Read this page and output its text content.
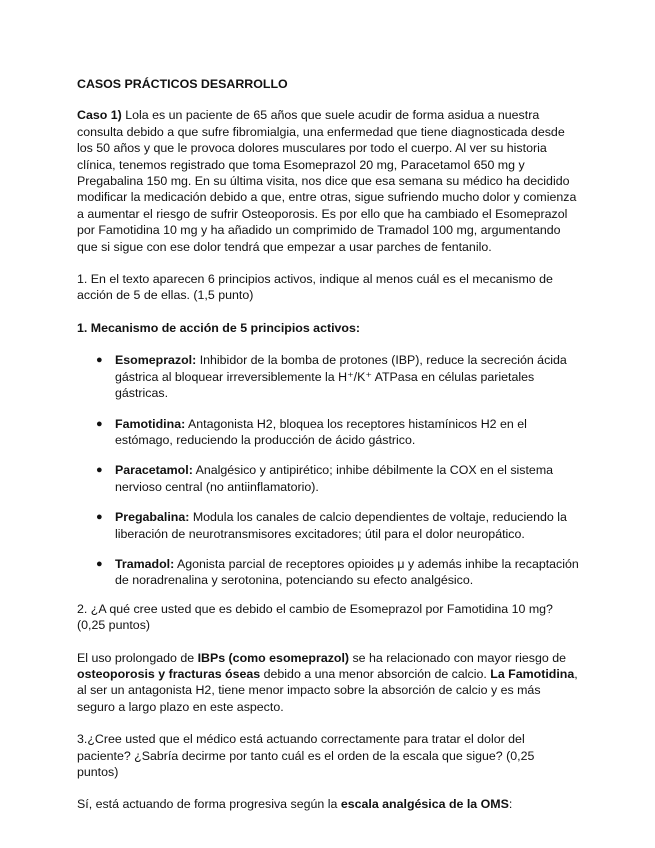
CASOS PRÁCTICOS DESARROLLO

Caso 1) Lola es un paciente de 65 años que suele acudir de forma asidua a nuestra consulta debido a que sufre fibromialgia, una enfermedad que tiene diagnosticada desde los 50 años y que le provoca dolores musculares por todo el cuerpo. Al ver su historia clínica, tenemos registrado que toma Esomeprazol 20 mg, Paracetamol 650 mg y Pregabalina 150 mg. En su última visita, nos dice que esa semana su médico ha decidido modificar la medicación debido a que, entre otras, sigue sufriendo mucho dolor y comienza a aumentar el riesgo de sufrir Osteoporosis. Es por ello que ha cambiado el Esomeprazol por Famotidina 10 mg y ha añadido un comprimido de Tramadol 100 mg, argumentando que si sigue con ese dolor tendrá que empezar a usar parches de fentanilo.

1. En el texto aparecen 6 principios activos, indique al menos cuál es el mecanismo de acción de 5 de ellas. (1,5 punto)

1. Mecanismo de acción de 5 principios activos:

● Esomeprazol: Inhibidor de la bomba de protones (IBP), reduce la secreción ácida gástrica al bloquear irreversiblemente la H⁺/K⁺ ATPasa en células parietales gástricas.
● Famotidina: Antagonista H2, bloquea los receptores histamínicos H2 en el estómago, reduciendo la producción de ácido gástrico.
● Paracetamol: Analgésico y antipirético; inhibe débilmente la COX en el sistema nervioso central (no antiinflamatorio).
● Pregabalina: Modula los canales de calcio dependientes de voltaje, reduciendo la liberación de neurotransmisores excitadores; útil para el dolor neuropático.
● Tramadol: Agonista parcial de receptores opioides μ y además inhibe la recaptación de noradrenalina y serotonina, potenciando su efecto analgésico.

2. ¿A qué cree usted que es debido el cambio de Esomeprazol por Famotidina 10 mg? (0,25 puntos)

El uso prolongado de IBPs (como esomeprazol) se ha relacionado con mayor riesgo de osteoporosis y fracturas óseas debido a una menor absorción de calcio. La Famotidina, al ser un antagonista H2, tiene menor impacto sobre la absorción de calcio y es más seguro a largo plazo en este aspecto.

3.¿Cree usted que el médico está actuando correctamente para tratar el dolor del paciente? ¿Sabría decirme por tanto cuál es el orden de la escala que sigue? (0,25 puntos)

Sí, está actuando de forma progresiva según la escala analgésica de la OMS:
